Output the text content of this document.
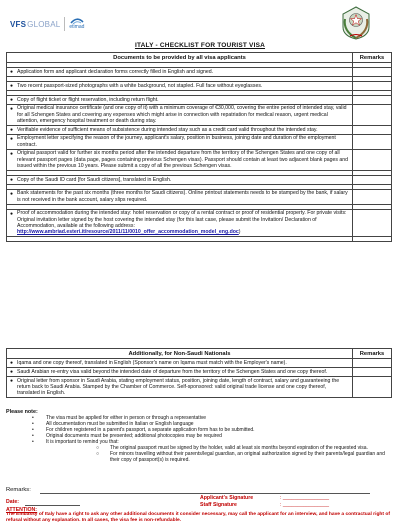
VFSGLOBAL etimad
ITALY - CHECKLIST FOR TOURIST VISA
Documents to be provided by all visa applicants	Remarks

● Application form and applicant declaration forms correctly filled in English and signed.	

● Two recent passport-sized photographs with a white background, not stapled. Full face without eyeglasses.	

● Copy of flight ticket or flight reservation, including return flight.	

● Original medical insurance certificate (and one copy of it) with a minimum coverage of €30,000, covering the entire period of intended stay, valid for all Schengen States and covering any expenses which might arise in connection with repatriation for medical reason, urgent medical attention, emergency hospital treatment or death during stay.	

● Verifiable evidence of sufficient means of subsistence during intended stay such as a credit card valid throughout the intended stay.	

● Employment letter specifying the reason of the journey, applicant's salary, position in business, joining date and duration of the employment contract.	

● Original passport valid for further six months period after the intended departure from the territory of the Schengen States and one copy of all relevant passport pages (data page, pages containing previous Schengen visas). Passport should contain at least two adjacent blank pages and issued within the previous 10 years. Please submit a copy of all the previous Schengen visas.	

● Copy of the Saudi ID card [for Saudi citizens], translated in English.	

● Bank statements for the past six months (three months for Saudi citizens). Online printout statements needs to be stamped by the bank, if salary is not received in the bank account, salary slips required.	

● Proof of accommodation during the intended stay: hotel reservation or copy of a rental contract or proof of residential property. For private visits: Original invitation letter signed by the host covering the intended stay (for this last case, please submit the Invitation/ Declaration of Accommodation, available at the following address: http://www.ambriad.esteri.it/resource/2011/11/0010_offer_accommodation_model_eng.doc)	

Additionally, for Non-Saudi Nationals	Remarks

● Iqama and one copy thereof, translated in English (Sponsor's name on Iqama must match with the Employer's name).	

● Saudi Arabian re-entry visa valid beyond the intended date of departure from the territory of the Schengen States and one copy thereof.	

● Original letter from sponsor in Saudi Arabia, stating employment status, position, joining date, length of contract, salary and guaranteeing the return back to Saudi Arabia. Stamped by the Chamber of Commerce. Self-sponsored: valid original trade license and one copy thereof, translated in English.	
Please note:
• The visa must be applied for either in person or through a representative
• All documentation must be submitted in Italian or English language
• For children registered in a parent's passport, a separate application form has to be submitted.
• Original documents must be presented; additional photocopies may be required
• It is important to remind you that:
○ The original passport must be signed by the holder, valid at least six months beyond expiration of the requested visa.
○ For minors travelling without their parents/legal guardian, an original authorization signed by their parents/legal guardian and their copy of passport(s) is required.
Remarks:
Date:
Applicant's Signature
Staff Signature
: ________________
: ________________
ATTENTION:
The Embassy of Italy have a right to ask any other additional documents it consider necessary, may call the applicant for an interview, and have a contractual right of refusal without any explanation. In all cases, the visa fee is non-refundable.
